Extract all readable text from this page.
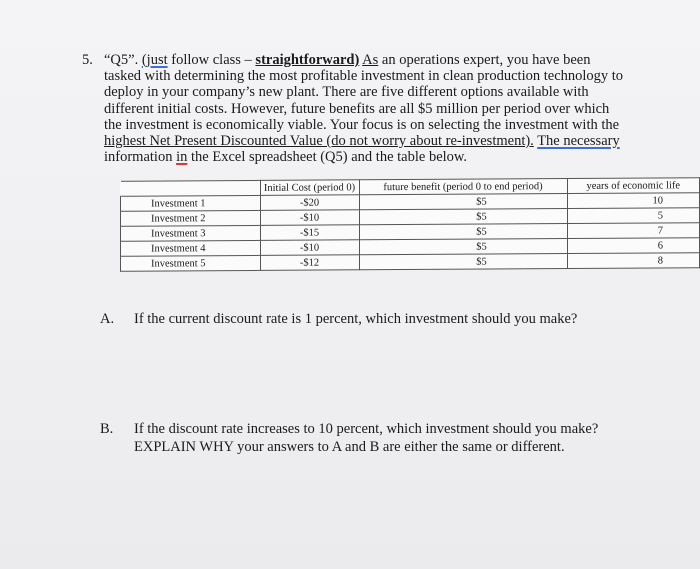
5. “Q5”. (just follow class – straightforward) As an operations expert, you have been

tasked with determining the most profitable investment in clean production technology to

deploy in your company’s new plant. There are five different options available with

different initial costs. However, future benefits are all $5 million per period over which

the investment is economically viable. Your focus is on selecting the investment with the

highest Net Present Discounted Value (do not worry about re-investment). The necessary

information in the Excel spreadsheet (Q5) and the table below.

	Initial Cost (period 0)	future benefit (period 0 to end period)	years of economic life
Investment 1	-$20	$5	10
Investment 2	-$10	$5	5
Investment 3	-$15	$5	7
Investment 4	-$10	$5	6
Investment 5	-$12	$5	8
A. If the current discount rate is 1 percent, which investment should you make?
B. If the discount rate increases to 10 percent, which investment should you make?
EXPLAIN WHY your answers to A and B are either the same or different.
